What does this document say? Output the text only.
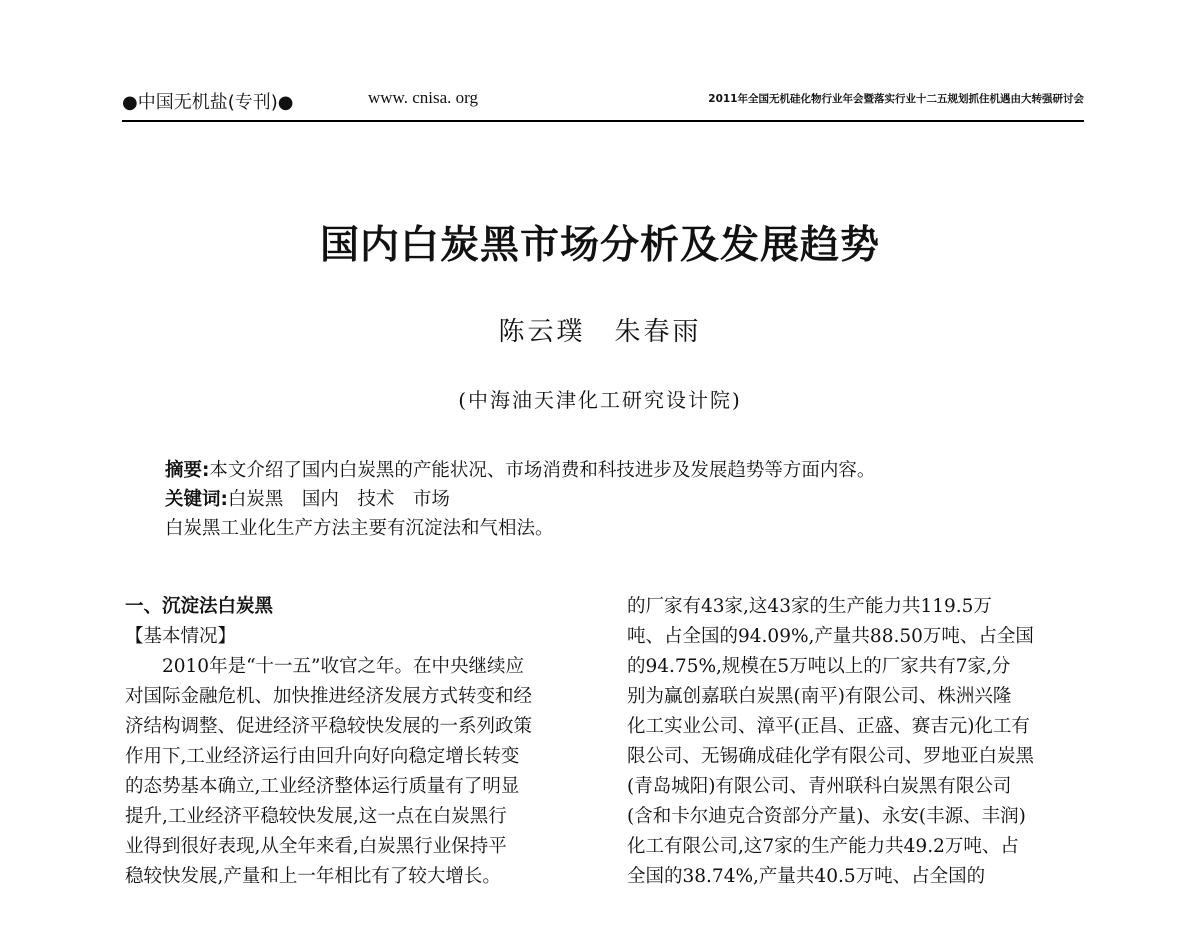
●中国无机盐(专刊)●	www. cnisa. org	2011年全国无机硅化物行业年会暨落实行业十二五规划抓住机遇由大转强研讨会
国内白炭黑市场分析及发展趋势
陈云璞　朱春雨
(中海油天津化工研究设计院)

摘要:本文介绍了国内白炭黑的产能状况、市场消费和科技进步及发展趋势等方面内容。

关键词:白炭黑　国内　技术　市场

白炭黑工业化生产方法主要有沉淀法和气相法。

一、沉淀法白炭黑

【基本情况】

2010年是“十一五”收官之年。在中央继续应

对国际金融危机、加快推进经济发展方式转变和经

济结构调整、促进经济平稳较快发展的一系列政策

作用下,工业经济运行由回升向好向稳定增长转变

的态势基本确立,工业经济整体运行质量有了明显

提升,工业经济平稳较快发展,这一点在白炭黑行

业得到很好表现,从全年来看,白炭黑行业保持平

稳较快发展,产量和上一年相比有了较大增长。

的厂家有43家,这43家的生产能力共119.5万

吨、占全国的94.09%,产量共88.50万吨、占全国

的94.75%,规模在5万吨以上的厂家共有7家,分

别为赢创嘉联白炭黑(南平)有限公司、株洲兴隆

化工实业公司、漳平(正昌、正盛、赛吉元)化工有

限公司、无锡确成硅化学有限公司、罗地亚白炭黑

(青岛城阳)有限公司、青州联科白炭黑有限公司

(含和卡尔迪克合资部分产量)、永安(丰源、丰润)

化工有限公司,这7家的生产能力共49.2万吨、占

全国的38.74%,产量共40.5万吨、占全国的
